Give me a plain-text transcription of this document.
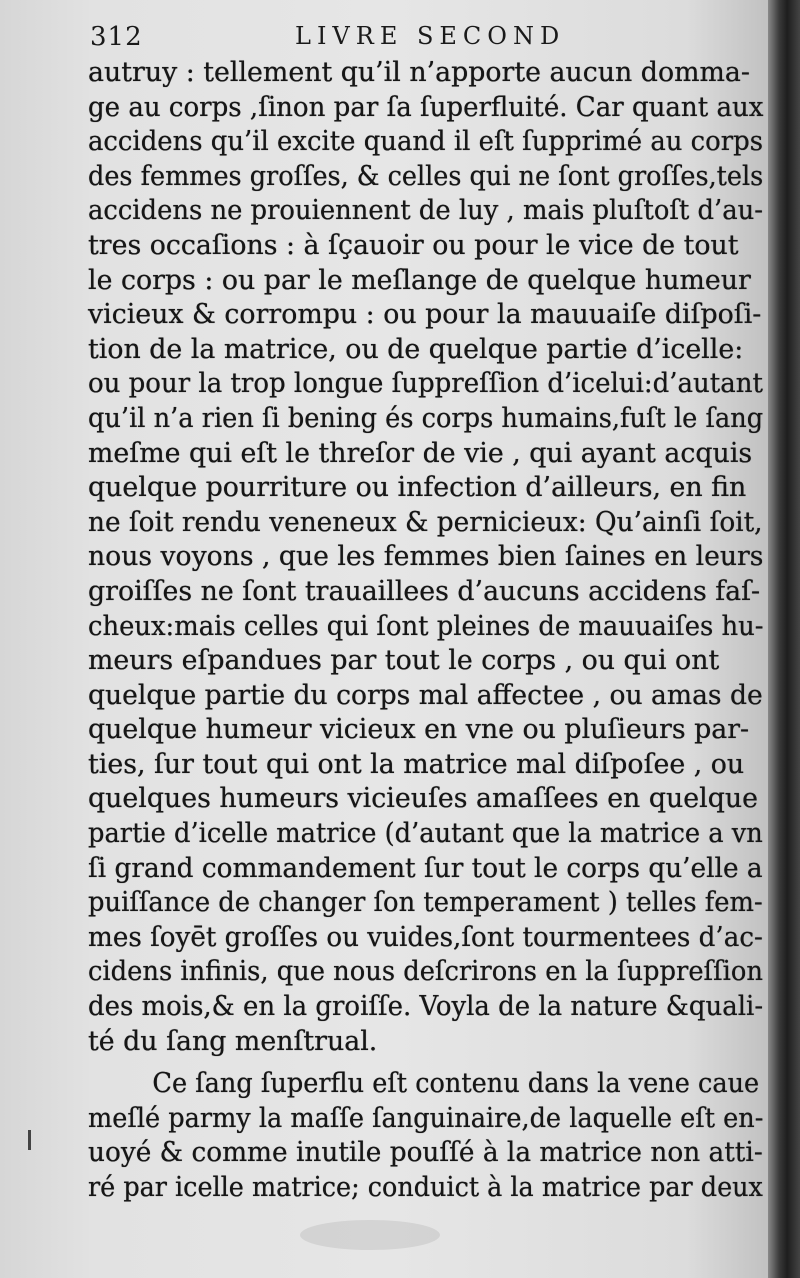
312	LIVRE SECOND
autruy : tellement qu’il n’apporte aucun domma-
ge au corps ,ſinon par ſa ſuperfluité. Car quant aux
accidens qu’il excite quand il eſt ſupprimé au corps
des femmes groſſes, & celles qui ne ſont groſſes,tels
accidens ne prouiennent de luy , mais pluſtoſt d’au-
tres occaſions : à ſçauoir ou pour le vice de tout
le corps : ou par le meſlange de quelque humeur
vicieux & corrompu : ou pour la mauuaiſe diſpoſi-
tion de la matrice, ou de quelque partie d’icelle:
ou pour la trop longue ſuppreſſion d’icelui:d’autant
qu’il n’a rien ſi bening és corps humains,fuſt le ſang
meſme qui eſt le threſor de vie , qui ayant acquis
quelque pourriture ou infection d’ailleurs, en fin
ne ſoit rendu veneneux & pernicieux: Qu’ainſi ſoit,
nous voyons , que les femmes bien ſaines en leurs
groiſſes ne ſont trauaillees d’aucuns accidens faſ-
cheux:mais celles qui ſont pleines de mauuaiſes hu-
meurs eſpandues par tout le corps , ou qui ont
quelque partie du corps mal affectee , ou amas de
quelque humeur vicieux en vne ou pluſieurs par-
ties, ſur tout qui ont la matrice mal diſpoſee , ou
quelques humeurs vicieuſes amaſſees en quelque
partie d’icelle matrice (d’autant que la matrice a vn
ſi grand commandement ſur tout le corps qu’elle a
puiſſance de changer ſon temperament ) telles fem-
mes ſoyēt groſſes ou vuides,ſont tourmentees d’ac-
cidens infinis, que nous deſcrirons en la ſuppreſſion
des mois,& en la groiſſe. Voyla de la nature &quali-
té du ſang menſtrual.
Ce ſang ſuperflu eſt contenu dans la vene caue
meſlé parmy la maſſe ſanguinaire,de laquelle eſt en-
uoyé & comme inutile pouſſé à la matrice non atti-
ré par icelle matrice; conduict à la matrice par deux
